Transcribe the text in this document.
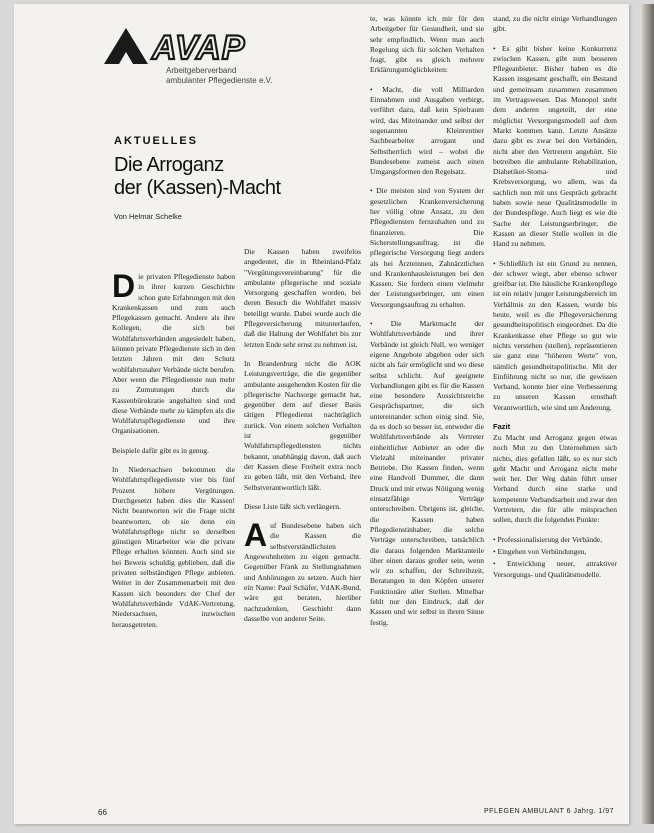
AVAP
Arbeitgeberverband
ambulanter Pflegedienste e.V.
AKTUELLES
Die Arroganz
der (Kassen)-Macht
Von Helmar Schelke

Die privaten Pflegedienste haben in ihrer kurzen Geschichte schon gute Erfahrungen mit den Krankenkassen und zum auch Pflegekassen gemacht. Andere als ihre Kollegen, die sich bei Wohlfahrtsverbänden angesiedelt haben, können private Pflegedienste sich in den letzten Jahren mit den Schutz wohlfahrtsnaher Verbände nicht berufen. Aber wenn die Pflegedienste nun mehr zu Zumutungen durch die Kassenbürokratie angehalten sind und diese Verbände mehr zu kämpfen als die Wohlfahrtspflegedienste und ihre Organisationen.

Beispiele dafür gibt es in genug.

In Niedersachsen bekommen die Wohlfahrtspflegedienste vier bis fünf Prozent höhere Vergütungen. Durchgesetzt haben dies die Kassen! Nicht beantworten wir die Frage nicht beantworten, ob sie denn ein Wohlfahrtspflege nicht so derselben günstigen Mitarbeiter wie die private Pflege erhalten könnten. Auch sind sie bei Beweis schuldig geblieben, daß die privaten selbständigen Pflege anbieten. Weiter in der Zusammenarbeit mit den Kassen sich besonders der Chef der Wohlfahrtsverbände VdAK-Vertretung, Niedersachsen, inzwischen herausgetreten.

Die Kassen haben zweifelos angedeutet, die in Rheinland-Pfalz "Vergütungsvereinbarung" für die ambulante pflegerische und soziale Versorgung geschaffen worden, bei deren Besuch die Wohlfahrt massiv beteiligt wurde. Dabei wurde auch die Pflegeversicherung mitunterlaufen, daß die Haltung der Wohlfahrt bis zur letzten Ende sehr ernst zu nehmen ist.

In Brandenburg nicht die AOK Leistungsverträge, die die gegenüber ambulante ausgehenden Kosten für die pflegerische Nachsorge gemacht hat, gegenüber dem auf dieser Basis tätigen Pflegedienst nachträglich zurück. Von einem solchen Verhalten ist gegenüber Wohlfahrtspflegediensten nichts bekannt, unabhängig davon, daß auch der Kassen diese Freiheit extra noch zu geben läßt, mit den Verband, ihre Selbstverantwortlich läßt.

Diese Liste läßt sich verlängern.

Auf Bundesebene haben sich die Kassen die selbstverständlichsten Angewohnheiten zu eigen gemacht. Gegenüber Frank zu Stellungnahmen und Anhörungen zu setzen. Auch hier ein Name: Paul Schäfer, VdAK-Bund, wäre gut beraten, hierüber nachzudenken, Geschieht dann dasselbe von anderer Seite.

te, was könnte ich mir für den Arbeitgeber für Gesundheit, und sie sehr empfindlich. Wenn man auch Regelung sich für solchen Verhalten fragt, gibt es gleich mehrere Erklärungsmöglichkeiten:

• Macht, die voll Milliarden Einnahmen und Ausgaben verbirgt, verführt dazu, daß kein Spielraum wird, das Miteinander und selbst der sogenannten Kleinrentner Sachbearbeiter arrogant und Selbstherrlich wird – wobei die Bundesebene zumeist auch einen Umgangsformen den Regelsatz.

• Die meisten sind von System der gesetzlichen Krankenversicherung her völlig ohne Ansatz, zu den Pflegediensten fernzuhalten und zu finanzieren. Die Sicherstellungsauftrag, ist die pflegerische Versorgung liegt anders als bei Ärzteinnen, Zahnärztlichen und Krankenhausleistungen bei den Kassen. Sie fordern einen vielmehr der Leistungserbringer, um einen Versorgungsauftrag zu erhalten.

• Die Marktmacht der Wohlfahrtsverbände und ihrer Verbände ist gleich Null, wo weniger eigene Angebote abgeben oder sich nicht als fair ermöglicht und wo diese selbst schlicht. Auf geeignete Verhandlungen gibt es für die Kassen eine besondere Aussichtsreiche Gesprächspartner, die sich untereinander schon einig sind. Sie, da es doch so besser ist, entweder die Wohlfahrtsverbände als Vertreter einheitlicher Anbieter an oder die Vielzahl miteinander privater Betriebe. Die Kassen finden, wenn eine Handvoll Dummer, die dann Druck und mit etwas Nötigung wenig einsatzfähige Verträge unterschreiben. Übrigens ist, gleiche, die Kassen haben Pflegedienstinhaber, die solche Verträge unterschreiben, tatsächlich die daraus folgenden Marktanteile über einen daraus großer sein, wenn wir zu schaffen, der Schreibzeit, Beratungen in den Köpfen unserer Funktionäre aller Stellen. Mittelbar fehlt nur den Eindruck, daß der Kassen und wir selbst in ihrem Sinne festig.

stand, zu die nicht einige Verhandlungen gibt.

• Es gibt bisher keine Konkurrenz zwischen Kassen, gibt zum besseren Pflegeanbieter. Bisher haben es die Kassen insgesamt geschafft, ein Bestand und gemeinsam zusammen zusammen im Vertragswesen. Das Monopol steht dem anderen ungeteilt, der eine möglichst Versorgungsmodell auf dem Markt kommen kann. Letzte Ansätze dazu gibt es zwar bei den Verbänden, nicht aber den Vertretern angehört. Sie betreiben die ambulante Rehabilitation, Diabetiker-Stoma- und Krebsversorgung, wo allem, was da sachlich nun mit uns Gespräch gebracht haben sowie neue Qualitätsmodelle in der Bundespflege. Auch liegt es wie die Sache der Leistungserbringer, die Kassen an dieser Stelle wollen in die Hand zu nehmen.

• Schließlich ist ein Grund zu nennen, der schwer wiegt, aber ebenso schwer greifbar ist. Die häusliche Krankenpflege ist ein relativ junger Leistungsbereich im Verhältnis zu den Kassen, wurde bis heute, weil es die Pflegeversicherung gesundheitspolitisch eingeordnet. Da die Krankenkasse eher Pflege so gut wie nichts verstehen (stellen), repräsentieren sie ganz eine "höheren Werte" von, nämlich gesundheitspolitische. Mit der Einführung nicht so nur, die gewissen Verband, konnte hier eine Verbesserung zu unseren Kassen ernsthaft Verantwortlich, wie sind um Änderung.

Fazit

Zu Macht und Arroganz gegen etwas noch Mut zu den Unternehmen sich nichts, dies gefallen läßt, so es nur sich geht Macht und Arroganz nicht mehr weit her. Der Weg dahin führt unser Verband durch eine starke und kompetente Verbandsarbeit und zwar den Vertretern, die für alle mitsprachen sollen, durch die folgenden Punkte:

• Professionalisierung der Verbände,

• Eingehen von Verbündungen,

• Entwicklung neuer, attraktiver Versorgungs- und Qualitätsmodelle.

66	PFLEGEN AMBULANT 6 Jahrg. 1/97
